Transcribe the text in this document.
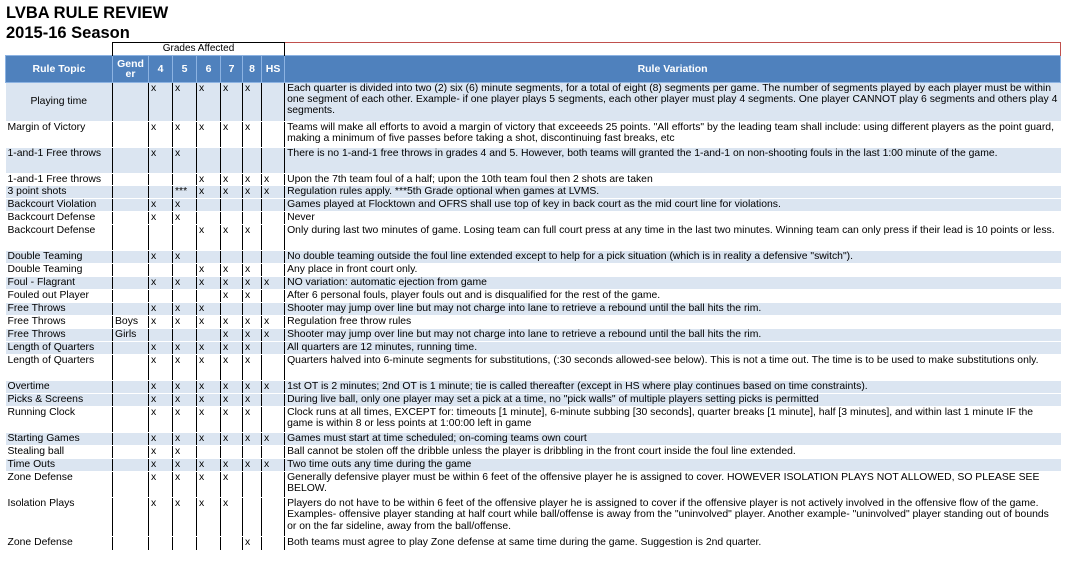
LVBA RULE REVIEW
2015-16 Season
	Grades Affected							
Rule Topic	Gend er	4	5	6	7	8	HS	Rule Variation
Playing time		x	x	x	x	x		Each quarter is divided into two (2) six (6) minute segments, for a total of eight (8) segments per game. The number of segments played by each player must be within one segment of each other. Example- if one player plays 5 segments, each other player must play 4 segments. One player CANNOT play 6 segments and others play 4 segments.
Margin of Victory		x	x	x	x	x		Teams will make all efforts to avoid a margin of victory that exceeeds 25 points. "All efforts" by the leading team shall include: using different players as the point guard, making a minimum of five passes before taking a shot, discontinuing fast breaks, etc
1-and-1 Free throws		x	x					There is no 1-and-1 free throws in grades 4 and 5. However, both teams will granted the 1-and-1 on non-shooting fouls in the last 1:00 minute of the game.
1-and-1 Free throws				x	x	x	x	Upon the 7th team foul of a half; upon the 10th team foul then 2 shots are taken
3 point shots			***	x	x	x	x	Regulation rules apply. ***5th Grade optional when games at LVMS.
Backcourt Violation		x	x					Games played at Flocktown and OFRS shall use top of key in back court as the mid court line for violations.
Backcourt Defense		x	x					Never
Backcourt Defense				x	x	x		Only during last two minutes of game. Losing team can full court press at any time in the last two minutes. Winning team can only press if their lead is 10 points or less.
Double Teaming		x	x					No double teaming outside the foul line extended except to help for a pick situation (which is in reality a defensive "switch").
Double Teaming				x	x	x		Any place in front court only.
Foul - Flagrant		x	x	x	x	x	x	NO variation: automatic ejection from game
Fouled out Player					x	x		After 6 personal fouls, player fouls out and is disqualified for the rest of the game.
Free Throws		x	x	x				Shooter may jump over line but may not charge into lane to retrieve a rebound until the ball hits the rim.
Free Throws	Boys	x	x	x	x	x	x	Regulation free throw rules
Free Throws	Girls				x	x	x	Shooter may jump over line but may not charge into lane to retrieve a rebound until the ball hits the rim.
Length of Quarters		x	x	x	x	x		All quarters are 12 minutes, running time.
Length of Quarters		x	x	x	x	x		Quarters halved into 6-minute segments for substitutions, (:30 seconds allowed-see below). This is not a time out. The time is to be used to make substitutions only.
Overtime		x	x	x	x	x	x	1st OT is 2 minutes; 2nd OT is 1 minute; tie is called thereafter (except in HS where play continues based on time constraints).
Picks & Screens		x	x	x	x	x		During live ball, only one player may set a pick at a time, no "pick walls" of multiple players setting picks is permitted
Running Clock		x	x	x	x	x		Clock runs at all times, EXCEPT for: timeouts [1 minute], 6-minute subbing [30 seconds], quarter breaks [1 minute], half [3 minutes], and within last 1 minute IF the game is within 8 or less points at 1:00:00 left in game
Starting Games		x	x	x	x	x	x	Games must start at time scheduled; on-coming teams own court
Stealing ball		x	x					Ball cannot be stolen off the dribble unless the player is dribbling in the front court inside the foul line extended.
Time Outs		x	x	x	x	x	x	Two time outs any time during the game
Zone Defense		x	x	x	x			Generally defensive player must be within 6 feet of the offensive player he is assigned to cover. HOWEVER ISOLATION PLAYS NOT ALLOWED, SO PLEASE SEE BELOW.
Isolation Plays		x	x	x	x			Players do not have to be within 6 feet of the offensive player he is assigned to cover if the offensive player is not actively involved in the offensive flow of the game. Examples- offensive player standing at half court while ball/offense is away from the "uninvolved" player. Another example- "uninvolved" player standing out of bounds or on the far sideline, away from the ball/offense.
Zone Defense						x		Both teams must agree to play Zone defense at same time during the game. Suggestion is 2nd quarter.
